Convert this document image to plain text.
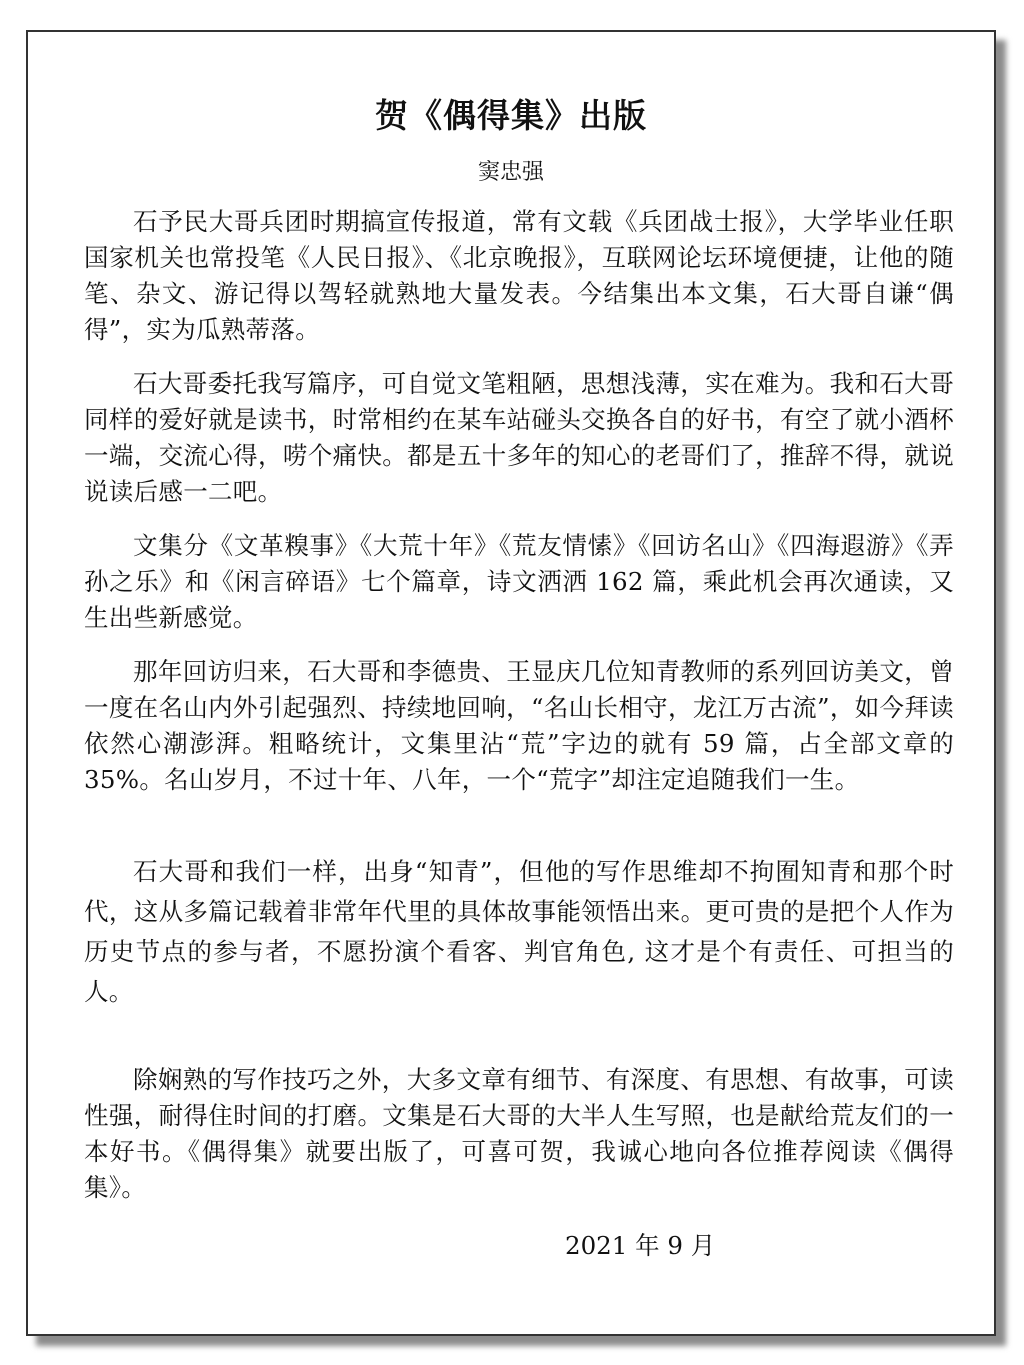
贺《偶得集》出版
窦忠强

石予民大哥兵团时期搞宣传报道，常有文载《兵团战士报》，大学毕业任职国家机关也常投笔《人民日报》、《北京晚报》，互联网论坛环境便捷，让他的随笔、杂文、游记得以驾轻就熟地大量发表。今结集出本文集，石大哥自谦“偶得”，实为瓜熟蒂落。

石大哥委托我写篇序，可自觉文笔粗陋，思想浅薄，实在难为。我和石大哥同样的爱好就是读书，时常相约在某车站碰头交换各自的好书，有空了就小酒杯一端，交流心得，唠个痛快。都是五十多年的知心的老哥们了，推辞不得，就说说读后感一二吧。

文集分《文革糗事》《大荒十年》《荒友情愫》《回访名山》《四海遐游》《弄孙之乐》和《闲言碎语》七个篇章，诗文洒洒 162 篇，乘此机会再次通读，又生出些新感觉。

那年回访归来，石大哥和李德贵、王显庆几位知青教师的系列回访美文，曾一度在名山内外引起强烈、持续地回响，“名山长相守，龙江万古流”，如今拜读依然心潮澎湃。粗略统计，文集里沾“荒”字边的就有 59 篇，占全部文章的 35%。名山岁月，不过十年、八年，一个“荒字”却注定追随我们一生。

石大哥和我们一样，出身“知青”，但他的写作思维却不拘囿知青和那个时代，这从多篇记载着非常年代里的具体故事能领悟出来。更可贵的是把个人作为历史节点的参与者，不愿扮演个看客、判官角色, 这才是个有责任、可担当的人。

除娴熟的写作技巧之外，大多文章有细节、有深度、有思想、有故事，可读性强，耐得住时间的打磨。文集是石大哥的大半人生写照，也是献给荒友们的一本好书。《偶得集》就要出版了，可喜可贺，我诚心地向各位推荐阅读《偶得集》。

2021 年 9 月
